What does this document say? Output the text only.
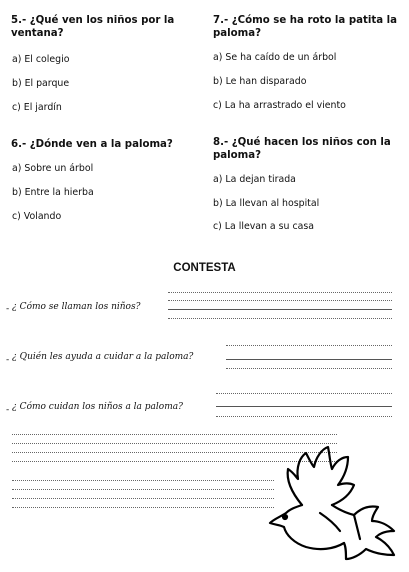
5.- ¿Qué ven los niños por la
ventana?
a) El colegio
b) El parque
c) El jardín
7.- ¿Cómo se ha roto la patita la
paloma?
a) Se ha caído de un árbol
b) Le han disparado
c) La ha arrastrado el viento
6.- ¿Dónde ven a la paloma?
a) Sobre un árbol
b) Entre la hierba
c) Volando
8.- ¿Qué hacen los niños con la
paloma?
a) La dejan tirada
b) La llevan al hospital
c) La llevan a su casa
CONTESTA
- ¿ Cómo se llaman los niños?
- ¿ Quién les ayuda a cuidar a la paloma?
- ¿ Cómo cuidan los niños a la paloma?
